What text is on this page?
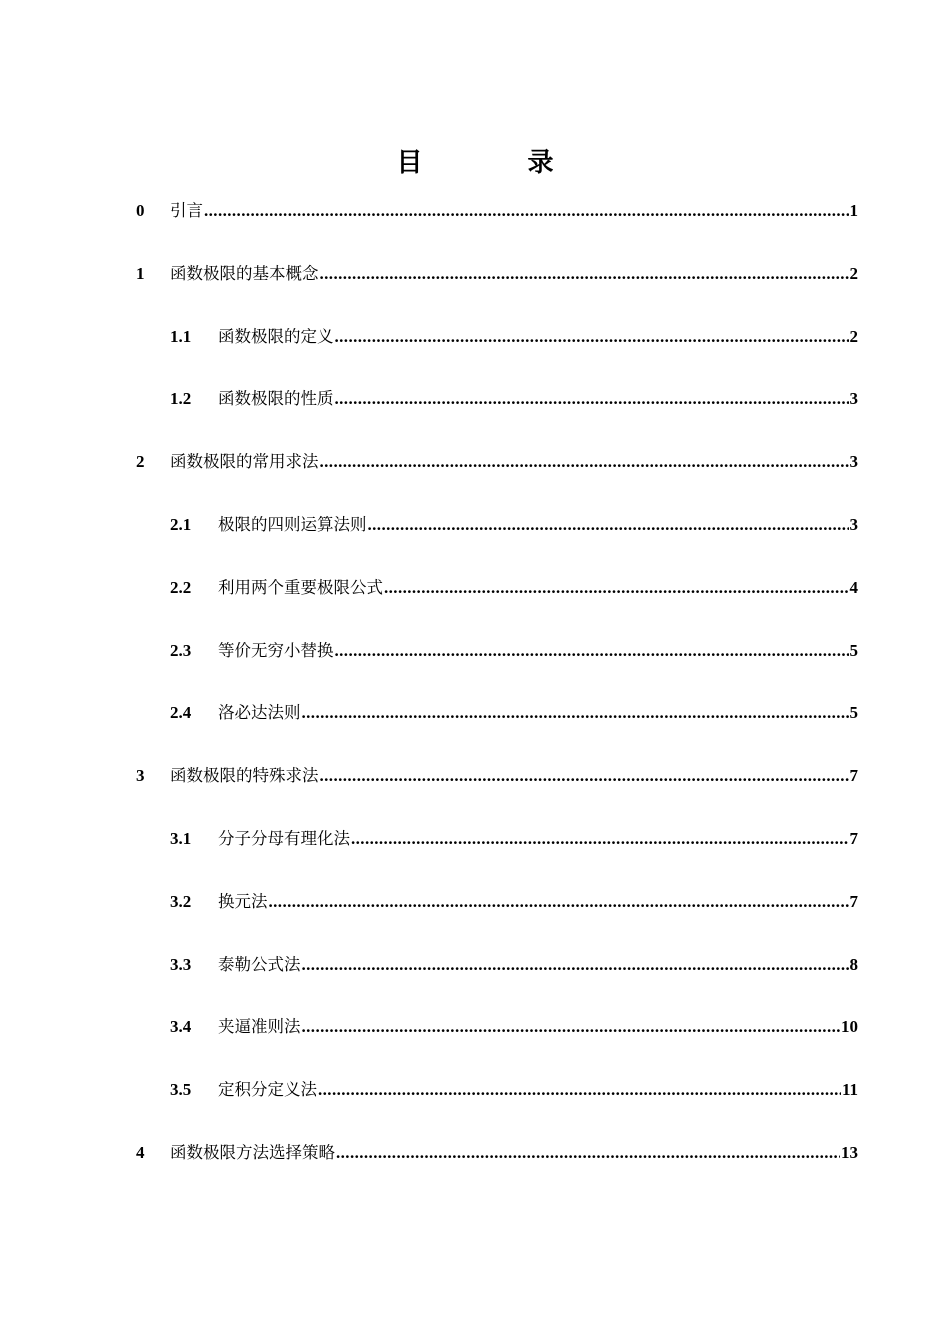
目 录
0	引言 .....	1
1	函数极限的基本概念 .....	2
1.1	函数极限的定义 .....	2
1.2	函数极限的性质 .....	3
2	函数极限的常用求法 .....	3
2.1	极限的四则运算法则 .....	3
2.2	利用两个重要极限公式 .....	4
2.3	等价无穷小替换 .....	5
2.4	洛必达法则 .....	5
3	函数极限的特殊求法 .....	7
3.1	分子分母有理化法 .....	7
3.2	换元法 .....	7
3.3	泰勒公式法 .....	8
3.4	夹逼准则法 .....	10
3.5	定积分定义法 .....	11
4	函数极限方法选择策略 .....	13
